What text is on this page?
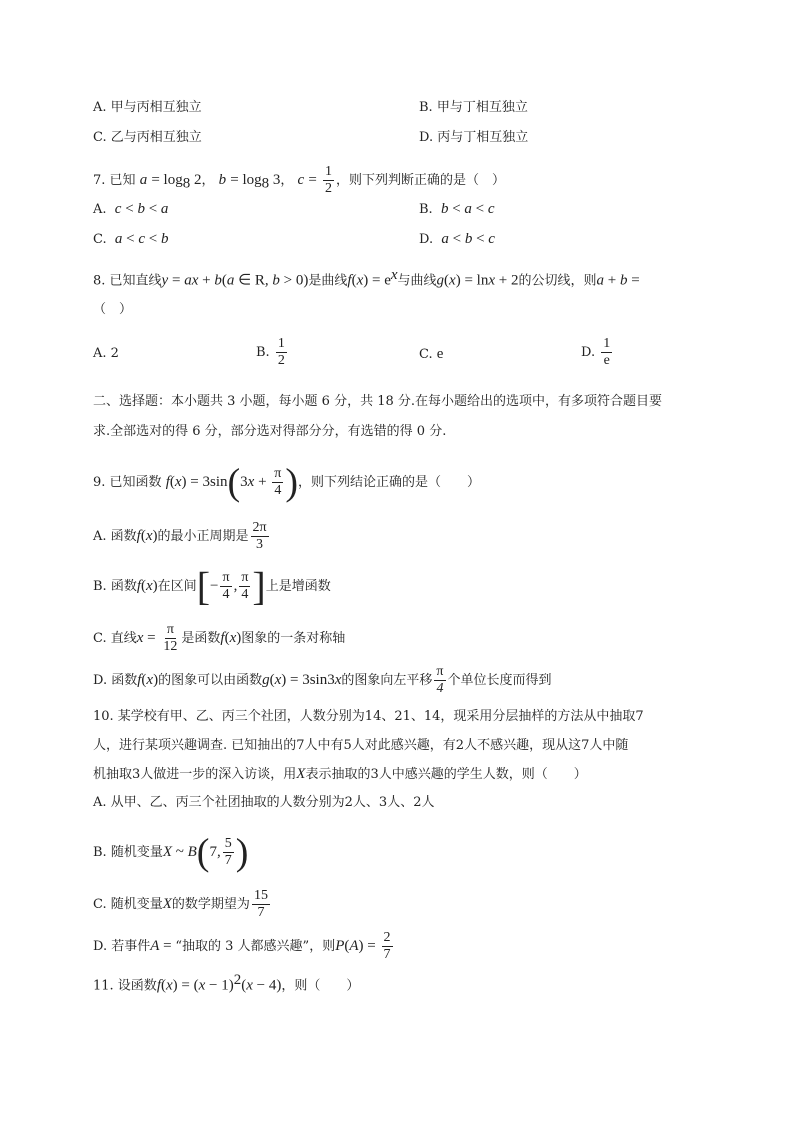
A. 甲与丙相互独立	B. 甲与丁相互独立
C. 乙与丙相互独立	D. 丙与丁相互独立
7. 已知 $a = \log_8 2$， $b = \log_8 3$， $c = \frac{1}{2}$ ，则下列判断正确的是（　）
A. c < b < a	B. b < a < c
C. a < c < b	D. a < b < c
8. 已知直线y = ax + b(a ∈ R, b > 0)是曲线$f(x) = e^x$与曲线g(x) = lnx + 2的公切线，则a + b =
（　）
A. 2	B. $\frac{1}{2}$	C. e	D. $\frac{1}{e}$
二、选择题：本小题共 3 小题，每小题 6 分，共 18 分.在每小题给出的选项中，有多项符合题目要
求.全部选对的得 6 分，部分选对得部分分，有选错的得 0 分.
9. 已知函数 $f(x) = 3\sin(3x + \frac{\pi}{4}$ )，则下列结论正确的是（　　）
A. 函数f(x)的最小正周期是 $\frac{2\pi}{3}$
B. 函数f(x)在区间[− $\frac{\pi}{4}$ , $\frac{\pi}{4}$ ]上是增函数
C. 直线$x = \frac{\pi}{12}$ 是函数f(x)图象的一条对称轴
D. 函数f(x)的图象可以由函数g(x) = 3sin3x的图象向左平移 $\frac{\pi}{4}$ 个单位长度而得到
10. 某学校有甲、乙、丙三个社团，人数分别为14、21、14，现采用分层抽样的方法从中抽取7
人，进行某项兴趣调查. 已知抽出的7人中有5人对此感兴趣，有2人不感兴趣，现从这7人中随
机抽取3人做进一步的深入访谈，用X表示抽取的3人中感兴趣的学生人数，则（　　）
A. 从甲、乙、丙三个社团抽取的人数分别为2人、3人、2人
B. 随机变量X ~ B(7, $\frac{5}{7}$ )
C. 随机变量X的数学期望为 $\frac{15}{7}$
D. 若事件A = “抽取的 3 人都感兴趣”，则$P(A) = \frac{2}{7}$
11. 设函数$f(x) = (x - 1)^2(x - 4)$，则（　　）
